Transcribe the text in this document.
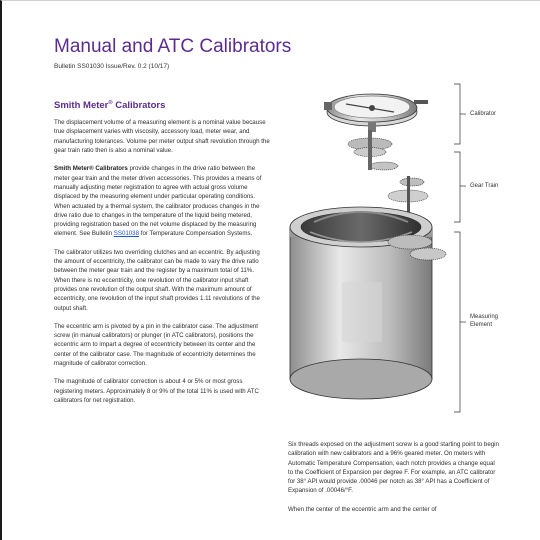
Manual and ATC Calibrators
Bulletin SS01030 Issue/Rev. 0.2 (10/17)
Smith Meter® Calibrators

The displacement volume of a measuring element is a nominal value because true displacement varies with viscosity, accessory load, meter wear, and manufacturing tolerances. Volume per meter output shaft revolution through the gear train ratio then is also a nominal value.

Smith Meter® Calibrators provide changes in the drive ratio between the meter gear train and the meter driven accessories. This provides a means of manually adjusting meter registration to agree with actual gross volume displaced by the measuring element under particular operating conditions. When actuated by a thermal system, the calibrator produces changes in the drive ratio due to changes in the temperature of the liquid being metered, providing registration based on the net volume displaced by the measuring element. See Bulletin SS01038 for Temperature Compensation Systems.

The calibrator utilizes two overriding clutches and an eccentric. By adjusting the amount of eccentricity, the calibrator can be made to vary the drive ratio between the meter gear train and the register by a maximum total of 11%. When there is no eccentricity, one revolution of the calibrator input shaft provides one revolution of the output shaft. With the maximum amount of eccentricity, one revolution of the input shaft provides 1.11 revolutions of the output shaft.

The eccentric arm is pivoted by a pin in the calibrator case. The adjustment screw (in manual calibrators) or plunger (in ATC calibrators), positions the eccentric arm to impart a degree of eccentricity between its center and the center of the calibrator case. The magnitude of eccentricity determines the magnitude of calibrator correction.

The magnitude of calibrator correction is about 4 or 5% or most gross registering meters. Approximately 8 or 9% of the total 11% is used with ATC calibrators for net registration.

Six threads exposed on the adjustment screw is a good starting point to begin calibration with new calibrators and a 96% geared meter. On meters with Automatic Temperature Compensation, each notch provides a change equal to the Coefficient of Expansion per degree F. For example, an ATC calibrator for 38° API would provide .00046 per notch as 38° API has a Coefficient of Expansion of .00046/°F.

When the center of the eccentric arm and the center of

Calibrator
Gear Train
Measuring
Element
